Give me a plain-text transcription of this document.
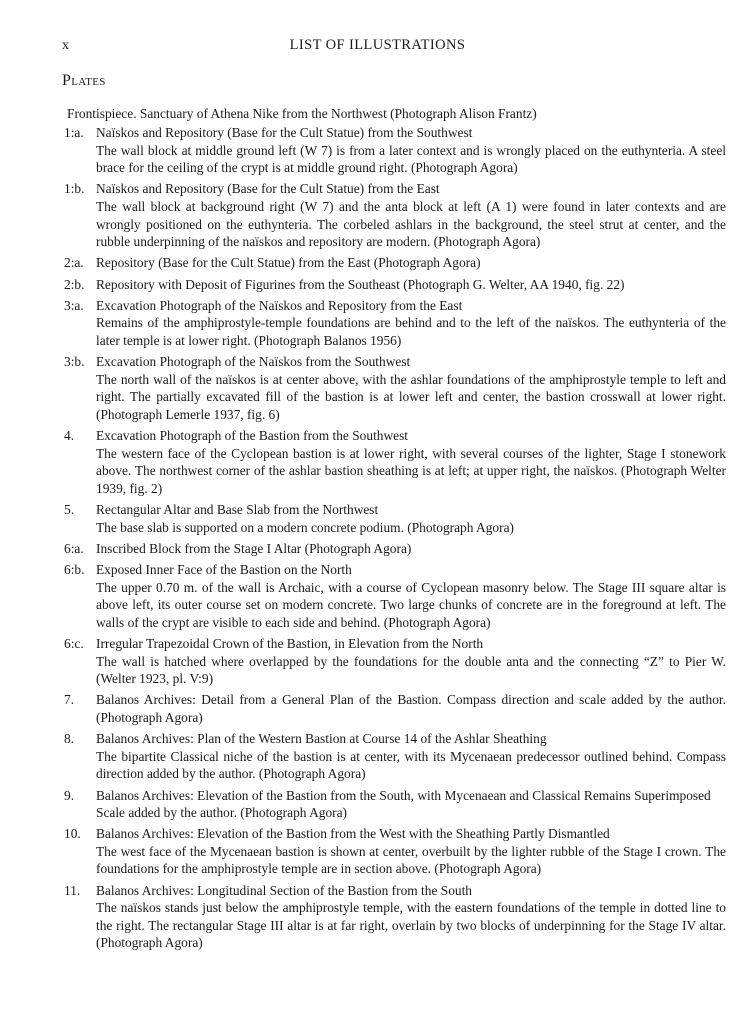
x	LIST OF ILLUSTRATIONS
Plates
Frontispiece. Sanctuary of Athena Nike from the Northwest (Photograph Alison Frantz)
1:a. Naïskos and Repository (Base for the Cult Statue) from the Southwest
The wall block at middle ground left (W 7) is from a later context and is wrongly placed on the euthynteria. A steel brace for the ceiling of the crypt is at middle ground right. (Photograph Agora)
1:b. Naïskos and Repository (Base for the Cult Statue) from the East
The wall block at background right (W 7) and the anta block at left (A 1) were found in later contexts and are wrongly positioned on the euthynteria. The corbeled ashlars in the background, the steel strut at center, and the rubble underpinning of the naïskos and repository are modern. (Photograph Agora)
2:a. Repository (Base for the Cult Statue) from the East (Photograph Agora)
2:b. Repository with Deposit of Figurines from the Southeast (Photograph G. Welter, AA 1940, fig. 22)
3:a. Excavation Photograph of the Naïskos and Repository from the East
Remains of the amphiprostyle-temple foundations are behind and to the left of the naïskos. The euthynteria of the later temple is at lower right. (Photograph Balanos 1956)
3:b. Excavation Photograph of the Naïskos from the Southwest
The north wall of the naïskos is at center above, with the ashlar foundations of the amphiprostyle temple to left and right. The partially excavated fill of the bastion is at lower left and center, the bastion crosswall at lower right. (Photograph Lemerle 1937, fig. 6)
4.	Excavation Photograph of the Bastion from the Southwest
The western face of the Cyclopean bastion is at lower right, with several courses of the lighter, Stage I stonework above. The northwest corner of the ashlar bastion sheathing is at left; at upper right, the naïskos. (Photograph Welter 1939, fig. 2)
5.	Rectangular Altar and Base Slab from the Northwest
The base slab is supported on a modern concrete podium. (Photograph Agora)
6:a. Inscribed Block from the Stage I Altar (Photograph Agora)
6:b. Exposed Inner Face of the Bastion on the North
The upper 0.70 m. of the wall is Archaic, with a course of Cyclopean masonry below. The Stage III square altar is above left, its outer course set on modern concrete. Two large chunks of concrete are in the foreground at left. The walls of the crypt are visible to each side and behind. (Photograph Agora)
6:c. Irregular Trapezoidal Crown of the Bastion, in Elevation from the North
The wall is hatched where overlapped by the foundations for the double anta and the connecting “Z” to Pier W. (Welter 1923, pl. V:9)
7.	Balanos Archives: Detail from a General Plan of the Bastion. Compass direction and scale added by the author. (Photograph Agora)
8.	Balanos Archives: Plan of the Western Bastion at Course 14 of the Ashlar Sheathing
The bipartite Classical niche of the bastion is at center, with its Mycenaean predecessor outlined behind. Compass direction added by the author. (Photograph Agora)
9.	Balanos Archives: Elevation of the Bastion from the South, with Mycenaean and Classical Remains Superimposed
Scale added by the author. (Photograph Agora)
10.	Balanos Archives: Elevation of the Bastion from the West with the Sheathing Partly Dismantled
The west face of the Mycenaean bastion is shown at center, overbuilt by the lighter rubble of the Stage I crown. The foundations for the amphiprostyle temple are in section above. (Photograph Agora)
11.	Balanos Archives: Longitudinal Section of the Bastion from the South
The naïskos stands just below the amphiprostyle temple, with the eastern foundations of the temple in dotted line to the right. The rectangular Stage III altar is at far right, overlain by two blocks of underpinning for the Stage IV altar. (Photograph Agora)
